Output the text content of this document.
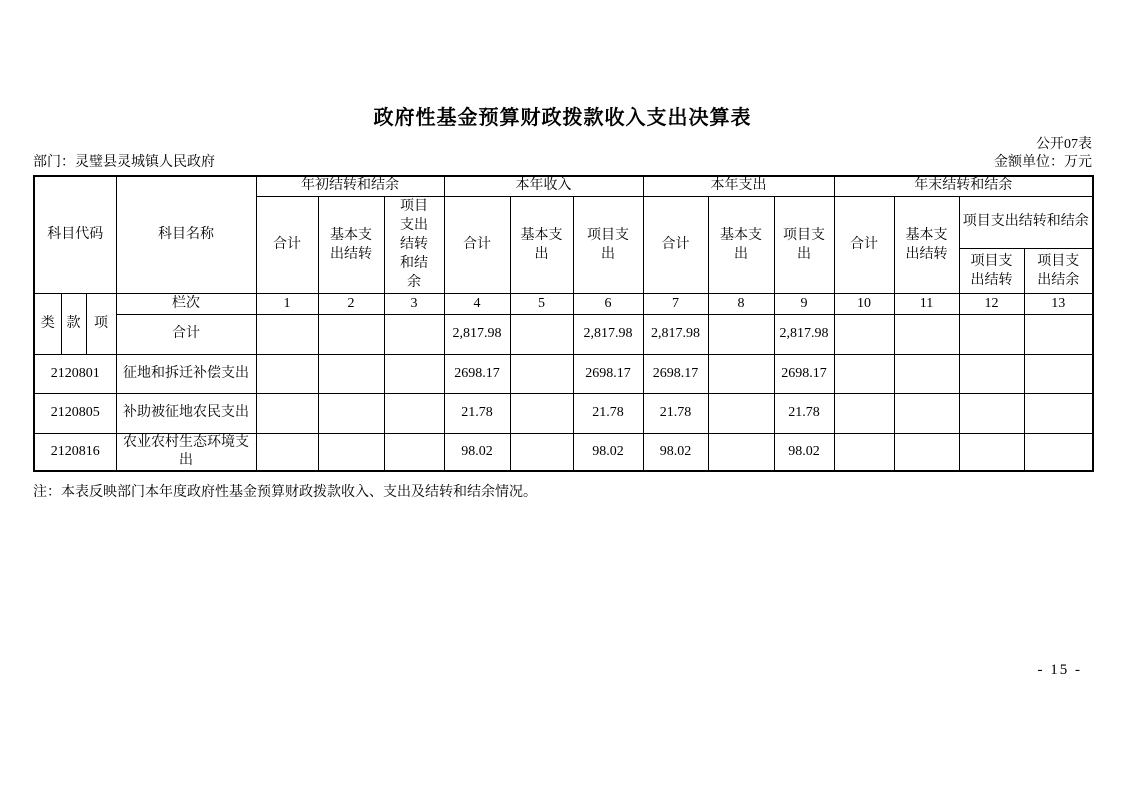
政府性基金预算财政拨款收入支出决算表
公开07表
部门：灵璧县灵城镇人民政府	金额单位：万元
科目代码			科目名称	年初结转和结余			本年收入			本年支出			年末结转和结余			
				合计	基本支出结转	项目支出结转和结余	合计	基本支出	项目支出	合计	基本支出	项目支出	合计	基本支出结转	项目支出结转和结余	
															项目支出结转	项目支出结余
类	款	项	栏次	1	2	3	4	5	6	7	8	9	10	11	12	13
			合计				2,817.98		2,817.98	2,817.98		2,817.98				
2120801			征地和拆迁补偿支出				2698.17		2698.17	2698.17		2698.17				
2120805			补助被征地农民支出				21.78		21.78	21.78		21.78				
2120816			农业农村生态环境支出				98.02		98.02	98.02		98.02				
注：本表反映部门本年度政府性基金预算财政拨款收入、支出及结转和结余情况。
- 15 -
